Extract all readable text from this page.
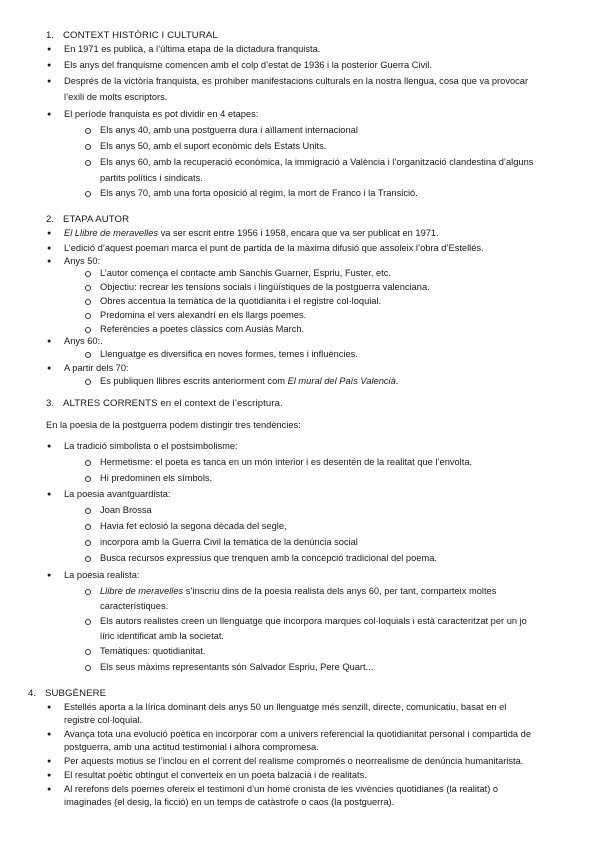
1. CONTEXT HISTÒRIC I CULTURAL
● En 1971 es publicà, a l’última etapa de la dictadura franquista.
● Els anys del franquisme comencen amb el colp d’estat de 1936 i la posterior Guerra Civil.
● Després de la victòria franquista, es prohiber manifestacions culturals en la nostra llengua, cosa que va provocar
l’exili de molts escriptors.
● El període franquista es pot dividir en 4 etapes:
Els anys 40, amb una postguerra dura i aïllament internacional
Els anys 50, amb el suport econòmic dels Estats Units.
Els anys 60, amb la recuperació econòmica, la immigració a València i l’organització clandestina d’alguns
partits polítics i sindicats.
Els anys 70, amb una forta oposició al règim, la mort de Franco i la Transició.
2. ETAPA AUTOR
● El Llibre de meravelles va ser escrit entre 1956 i 1958, encara que va ser publicat en 1971.
● L’edició d’aquest poemari marca el punt de partida de la màxima difusió que assoleix l’obra d’Estellés.
● Anys 50:
L’autor comença el contacte amb Sanchis Guarner, Espriu, Fuster, etc.
Objectiu: recrear les tensions socials i lingüístiques de la postguerra valenciana.
Obres accentua la temàtica de la quotidianita i el registre col·loquial.
Predomina el vers alexandrí en els llargs poemes.
Referències a poetes clàssics com Ausiàs March.
● Anys 60:.
Llenguatge es diversifica en noves formes, temes i influències.
● A partir dels 70:
Es publiquen llibres escrits anteriorment com El mural del País Valencià.
3. ALTRES CORRENTS en el context de l’escriptura.
En la poesia de la postguerra podem distingir tres tendències:
● La tradició simbolista o el postsimbolisme:
Hermetisme: el poeta es tanca en un món interior i es desentén de la realitat que l’envolta.
Hi predominen els símbols.
● La poesia avantguardista:
Joan Brossa
Havia fet eclosió la segona dècada del segle,
incorpora amb la Guerra Civil la temàtica de la denúncia social
Busca recursos expressius que trenquen amb la concepció tradicional del poema.
● La poesia realista:
Llibre de meravelles s’inscriu dins de la poesia realista dels anys 60, per tant, comparteix moltes
característiques.
Els autors realistes creen un llenguatge que incorpora marques col·loquials i està caracteritzat per un jo
líric identificat amb la societat.
Temàtiques: quotidianitat.
Els seus màxims representants són Salvador Espriu, Pere Quart...
4. SUBGÈNERE
● Estellés aporta a la lírica dominant dels anys 50 un llenguatge més senzill, directe, comunicatiu, basat en el
registre col·loquial.
● Avança tota una evolució poètica en incorporar com a univers referencial la quotidianitat personal i compartida de
postguerra, amb una actitud testimonial i alhora compromesa.
● Per aquests motius se l’inclou en el corrent del realisme compromés o neorrealisme de denúncia humanitarista.
● El resultat poètic obtingut el converteix en un poeta balzacià i de realitats.
● Al rerefons dels poemes ofereix el testimoni d’un home cronista de les vivències quotidianes (la realitat) o
imaginades (el desig, la ficció) en un temps de catàstrofe o caos (la postguerra).
